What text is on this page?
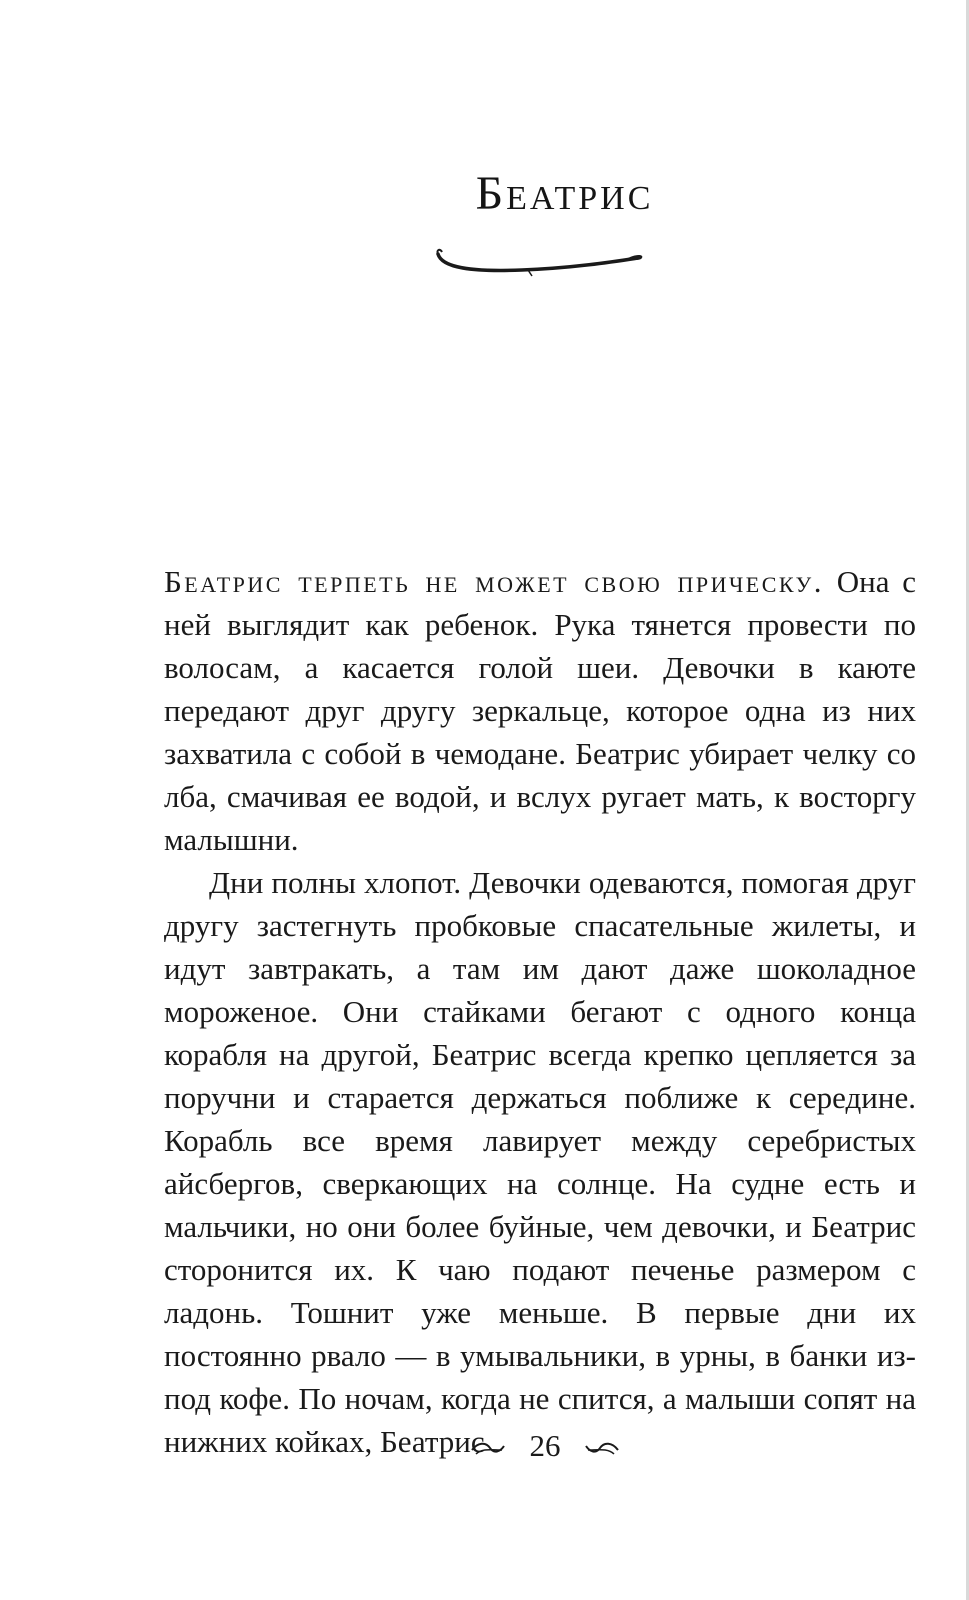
Беатрис

Беатрис терпеть не может свою прическу. Она с ней выглядит как ребенок. Рука тянется провести по волосам, а касается голой шеи. Девочки в каюте передают друг другу зеркальце, которое одна из них захватила с собой в чемодане. Беатрис убирает челку со лба, смачивая ее водой, и вслух ругает мать, к восторгу малышни.

Дни полны хлопот. Девочки одеваются, помогая друг другу застегнуть пробковые спасательные жилеты, и идут завтракать, а там им дают даже шоколадное мороженое. Они стайками бегают с одного конца корабля на другой, Беатрис всегда крепко цепляется за поручни и старается держаться поближе к середине. Корабль все время лавирует между серебристых айсбергов, сверкающих на солнце. На судне есть и мальчики, но они более буйные, чем девочки, и Беатрис сторонится их. К чаю подают печенье размером с ладонь. Тошнит уже меньше. В первые дни их постоянно рвало — в умывальники, в урны, в банки из-под кофе. По ночам, когда не спится, а малыши сопят на нижних койках, Беатрис	26
